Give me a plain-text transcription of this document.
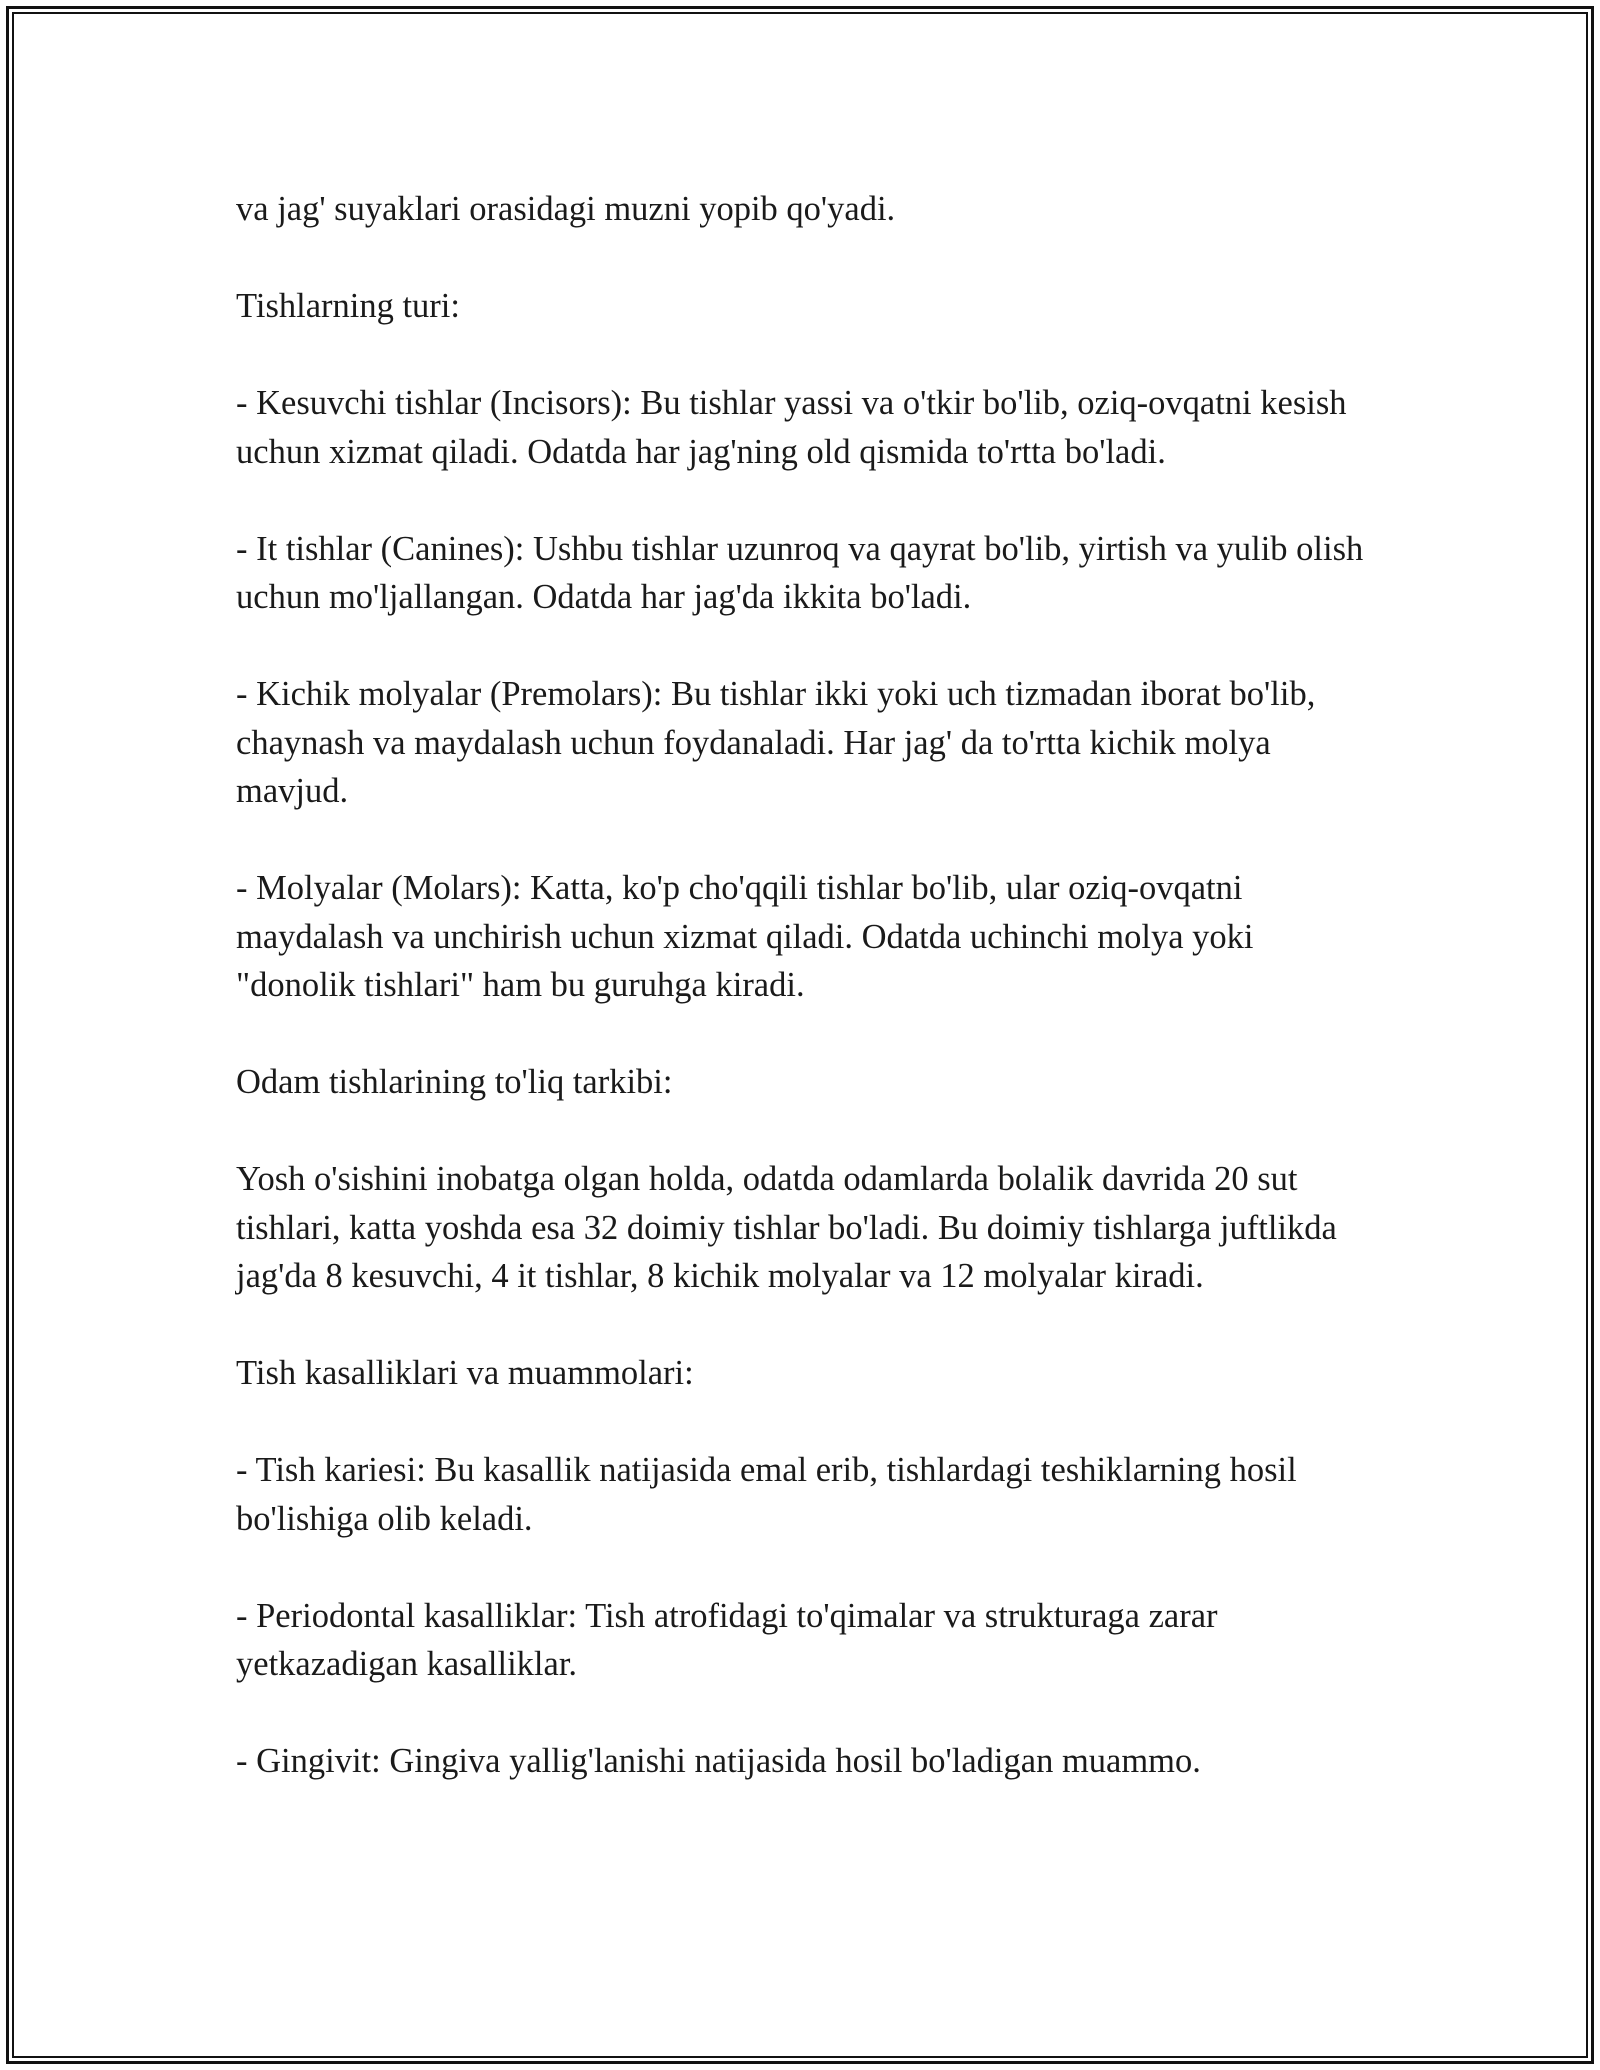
va jag' suyaklari orasidagi muzni yopib qo'yadi.

Tishlarning turi:

- Kesuvchi tishlar (Incisors): Bu tishlar yassi va o'tkir bo'lib, oziq-ovqatni kesish uchun xizmat qiladi. Odatda har jag'ning old qismida to'rtta bo'ladi.

- It tishlar (Canines): Ushbu tishlar uzunroq va qayrat bo'lib, yirtish va yulib olish uchun mo'ljallangan. Odatda har jag'da ikkita bo'ladi.

- Kichik molyalar (Premolars): Bu tishlar ikki yoki uch tizmadan iborat bo'lib, chaynash va maydalash uchun foydanaladi. Har jag' da to'rtta kichik molya mavjud.

- Molyalar (Molars): Katta, ko'p cho'qqili tishlar bo'lib, ular oziq-ovqatni maydalash va unchirish uchun xizmat qiladi. Odatda uchinchi molya yoki "donolik tishlari" ham bu guruhga kiradi.

Odam tishlarining to'liq tarkibi:

Yosh o'sishini inobatga olgan holda, odatda odamlarda bolalik davrida 20 sut tishlari, katta yoshda esa 32 doimiy tishlar bo'ladi. Bu doimiy tishlarga juftlikda jag'da 8 kesuvchi, 4 it tishlar, 8 kichik molyalar va 12 molyalar kiradi.

Tish kasalliklari va muammolari:

- Tish kariesi: Bu kasallik natijasida emal erib, tishlardagi teshiklarning hosil bo'lishiga olib keladi.

- Periodontal kasalliklar: Tish atrofidagi to'qimalar va strukturaga zarar yetkazadigan kasalliklar.

- Gingivit: Gingiva yallig'lanishi natijasida hosil bo'ladigan muammo.
